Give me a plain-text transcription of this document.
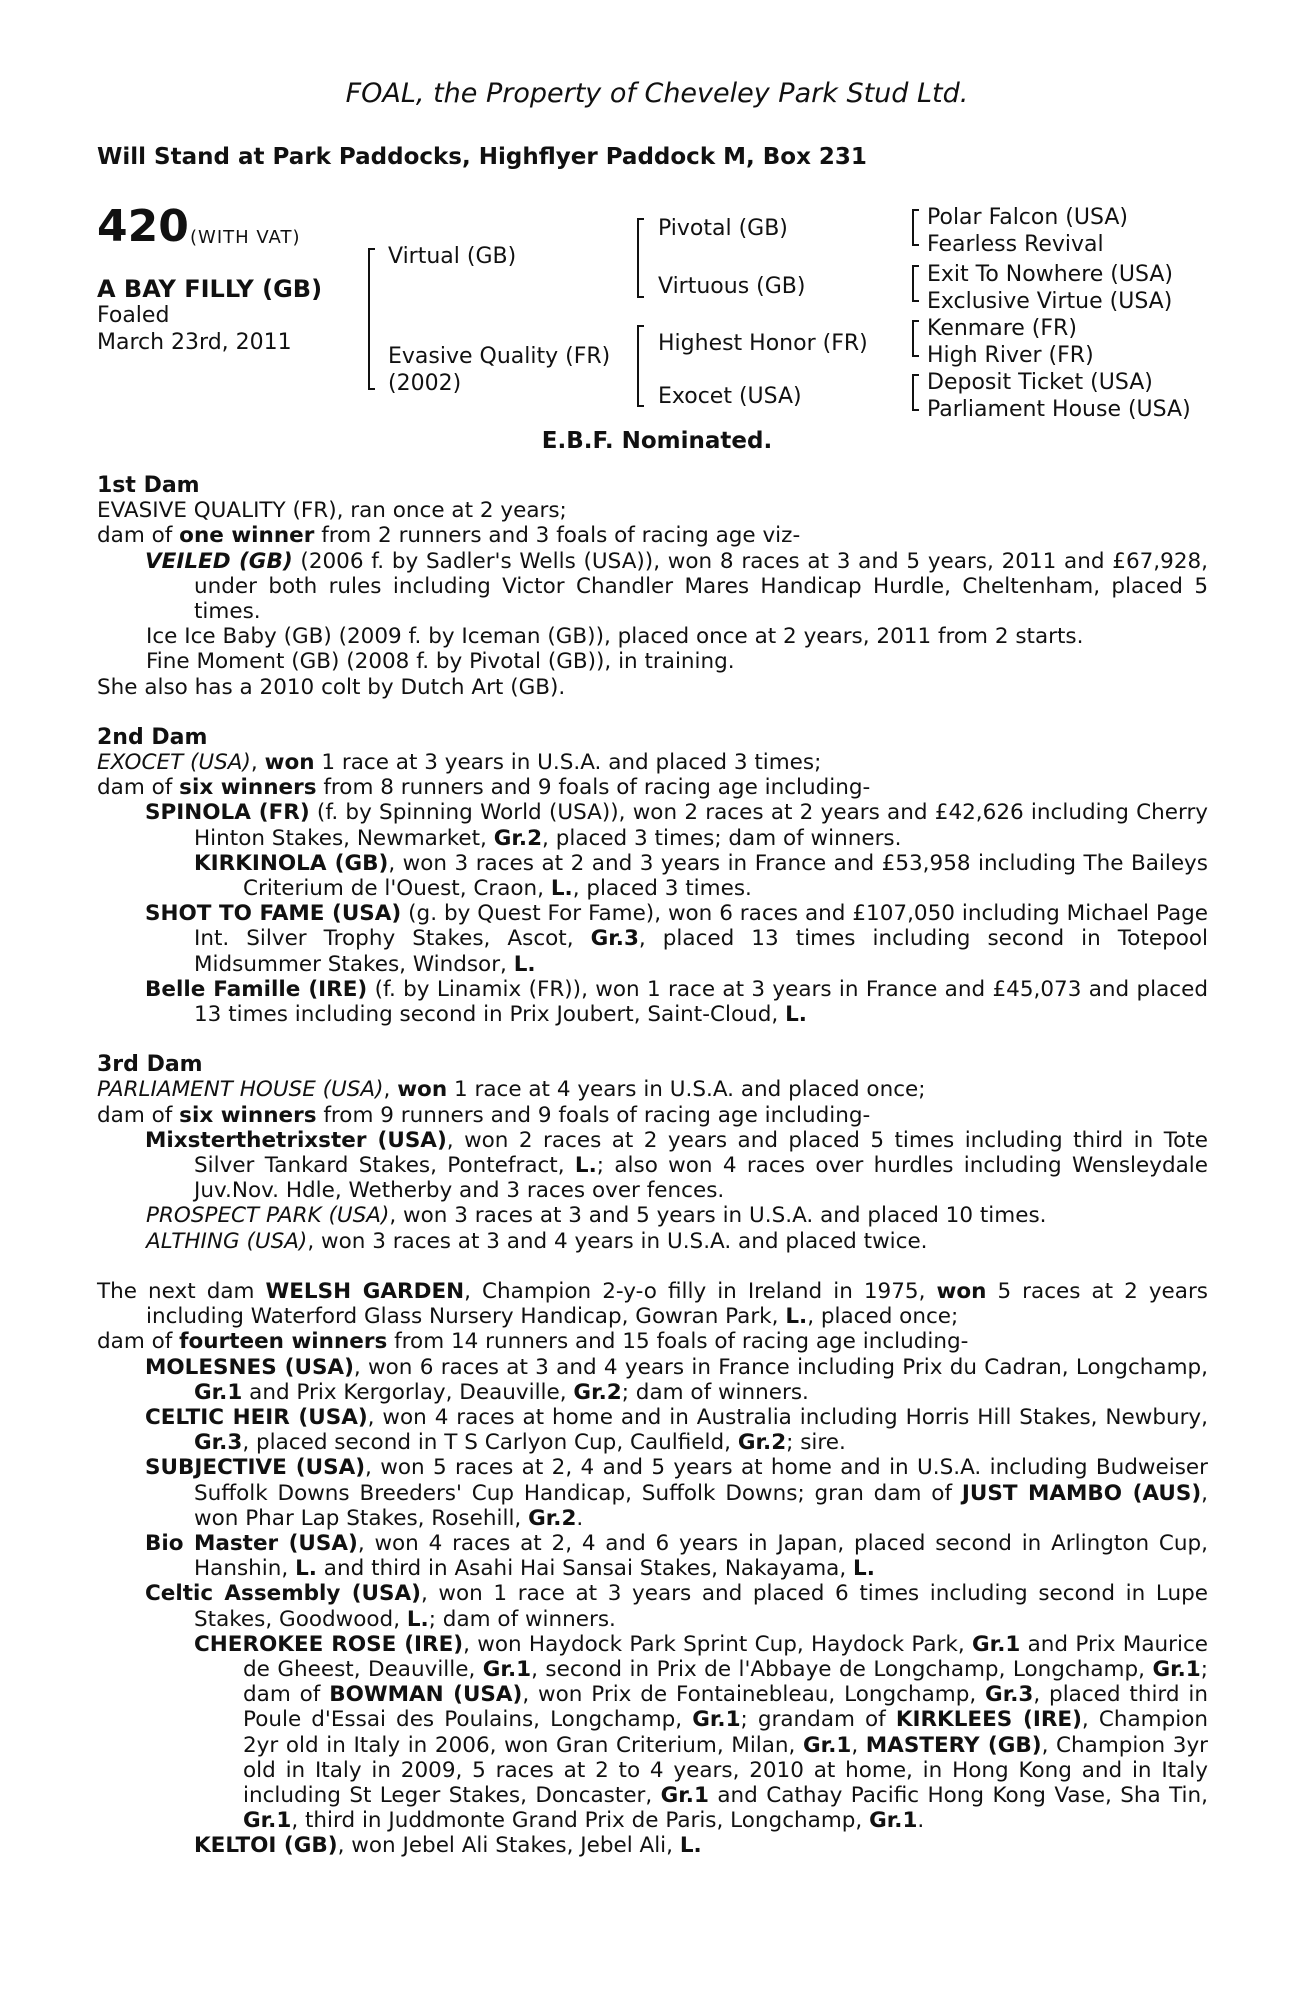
FOAL, the Property of Cheveley Park Stud Ltd.
Will Stand at Park Paddocks, Highflyer Paddock M, Box 231
420 (WITH VAT)
A BAY FILLY (GB)
Foaled
March 23rd, 2011
Virtual (GB)
Evasive Quality (FR)
(2002)
Pivotal (GB)
Virtuous (GB)
Highest Honor (FR)
Exocet (USA)
Polar Falcon (USA)
Fearless Revival
Exit To Nowhere (USA)
Exclusive Virtue (USA)
Kenmare (FR)
High River (FR)
Deposit Ticket (USA)
Parliament House (USA)
E.B.F. Nominated.
1st Dam
EVASIVE QUALITY (FR), ran once at 2 years;
dam of one winner from 2 runners and 3 foals of racing age viz-
VEILED (GB) (2006 f. by Sadler's Wells (USA)), won 8 races at 3 and 5 years, 2011 and £67,928, under both rules including Victor Chandler Mares Handicap Hurdle, Cheltenham, placed 5 times.
Ice Ice Baby (GB) (2009 f. by Iceman (GB)), placed once at 2 years, 2011 from 2 starts.
Fine Moment (GB) (2008 f. by Pivotal (GB)), in training.
She also has a 2010 colt by Dutch Art (GB).
2nd Dam
EXOCET (USA), won 1 race at 3 years in U.S.A. and placed 3 times;
dam of six winners from 8 runners and 9 foals of racing age including-
SPINOLA (FR) (f. by Spinning World (USA)), won 2 races at 2 years and £42,626 including Cherry Hinton Stakes, Newmarket, Gr.2, placed 3 times; dam of winners.
KIRKINOLA (GB), won 3 races at 2 and 3 years in France and £53,958 including The Baileys Criterium de l'Ouest, Craon, L., placed 3 times.
SHOT TO FAME (USA) (g. by Quest For Fame), won 6 races and £107,050 including Michael Page Int. Silver Trophy Stakes, Ascot, Gr.3, placed 13 times including second in Totepool Midsummer Stakes, Windsor, L.
Belle Famille (IRE) (f. by Linamix (FR)), won 1 race at 3 years in France and £45,073 and placed 13 times including second in Prix Joubert, Saint-Cloud, L.
3rd Dam
PARLIAMENT HOUSE (USA), won 1 race at 4 years in U.S.A. and placed once;
dam of six winners from 9 runners and 9 foals of racing age including-
Mixsterthetrixster (USA), won 2 races at 2 years and placed 5 times including third in Tote Silver Tankard Stakes, Pontefract, L.; also won 4 races over hurdles including Wensleydale Juv.Nov. Hdle, Wetherby and 3 races over fences.
PROSPECT PARK (USA), won 3 races at 3 and 5 years in U.S.A. and placed 10 times.
ALTHING (USA), won 3 races at 3 and 4 years in U.S.A. and placed twice.
The next dam WELSH GARDEN, Champion 2-y-o filly in Ireland in 1975, won 5 races at 2 years including Waterford Glass Nursery Handicap, Gowran Park, L., placed once;
dam of fourteen winners from 14 runners and 15 foals of racing age including-
MOLESNES (USA), won 6 races at 3 and 4 years in France including Prix du Cadran, Longchamp, Gr.1 and Prix Kergorlay, Deauville, Gr.2; dam of winners.
CELTIC HEIR (USA), won 4 races at home and in Australia including Horris Hill Stakes, Newbury, Gr.3, placed second in T S Carlyon Cup, Caulfield, Gr.2; sire.
SUBJECTIVE (USA), won 5 races at 2, 4 and 5 years at home and in U.S.A. including Budweiser Suffolk Downs Breeders' Cup Handicap, Suffolk Downs; gran dam of JUST MAMBO (AUS), won Phar Lap Stakes, Rosehill, Gr.2.
Bio Master (USA), won 4 races at 2, 4 and 6 years in Japan, placed second in Arlington Cup, Hanshin, L. and third in Asahi Hai Sansai Stakes, Nakayama, L.
Celtic Assembly (USA), won 1 race at 3 years and placed 6 times including second in Lupe Stakes, Goodwood, L.; dam of winners.
CHEROKEE ROSE (IRE), won Haydock Park Sprint Cup, Haydock Park, Gr.1 and Prix Maurice de Gheest, Deauville, Gr.1, second in Prix de l'Abbaye de Longchamp, Longchamp, Gr.1; dam of BOWMAN (USA), won Prix de Fontainebleau, Longchamp, Gr.3, placed third in Poule d'Essai des Poulains, Longchamp, Gr.1; grandam of KIRKLEES (IRE), Champion 2yr old in Italy in 2006, won Gran Criterium, Milan, Gr.1, MASTERY (GB), Champion 3yr old in Italy in 2009, 5 races at 2 to 4 years, 2010 at home, in Hong Kong and in Italy including St Leger Stakes, Doncaster, Gr.1 and Cathay Pacific Hong Kong Vase, Sha Tin, Gr.1, third in Juddmonte Grand Prix de Paris, Longchamp, Gr.1.
KELTOI (GB), won Jebel Ali Stakes, Jebel Ali, L.
